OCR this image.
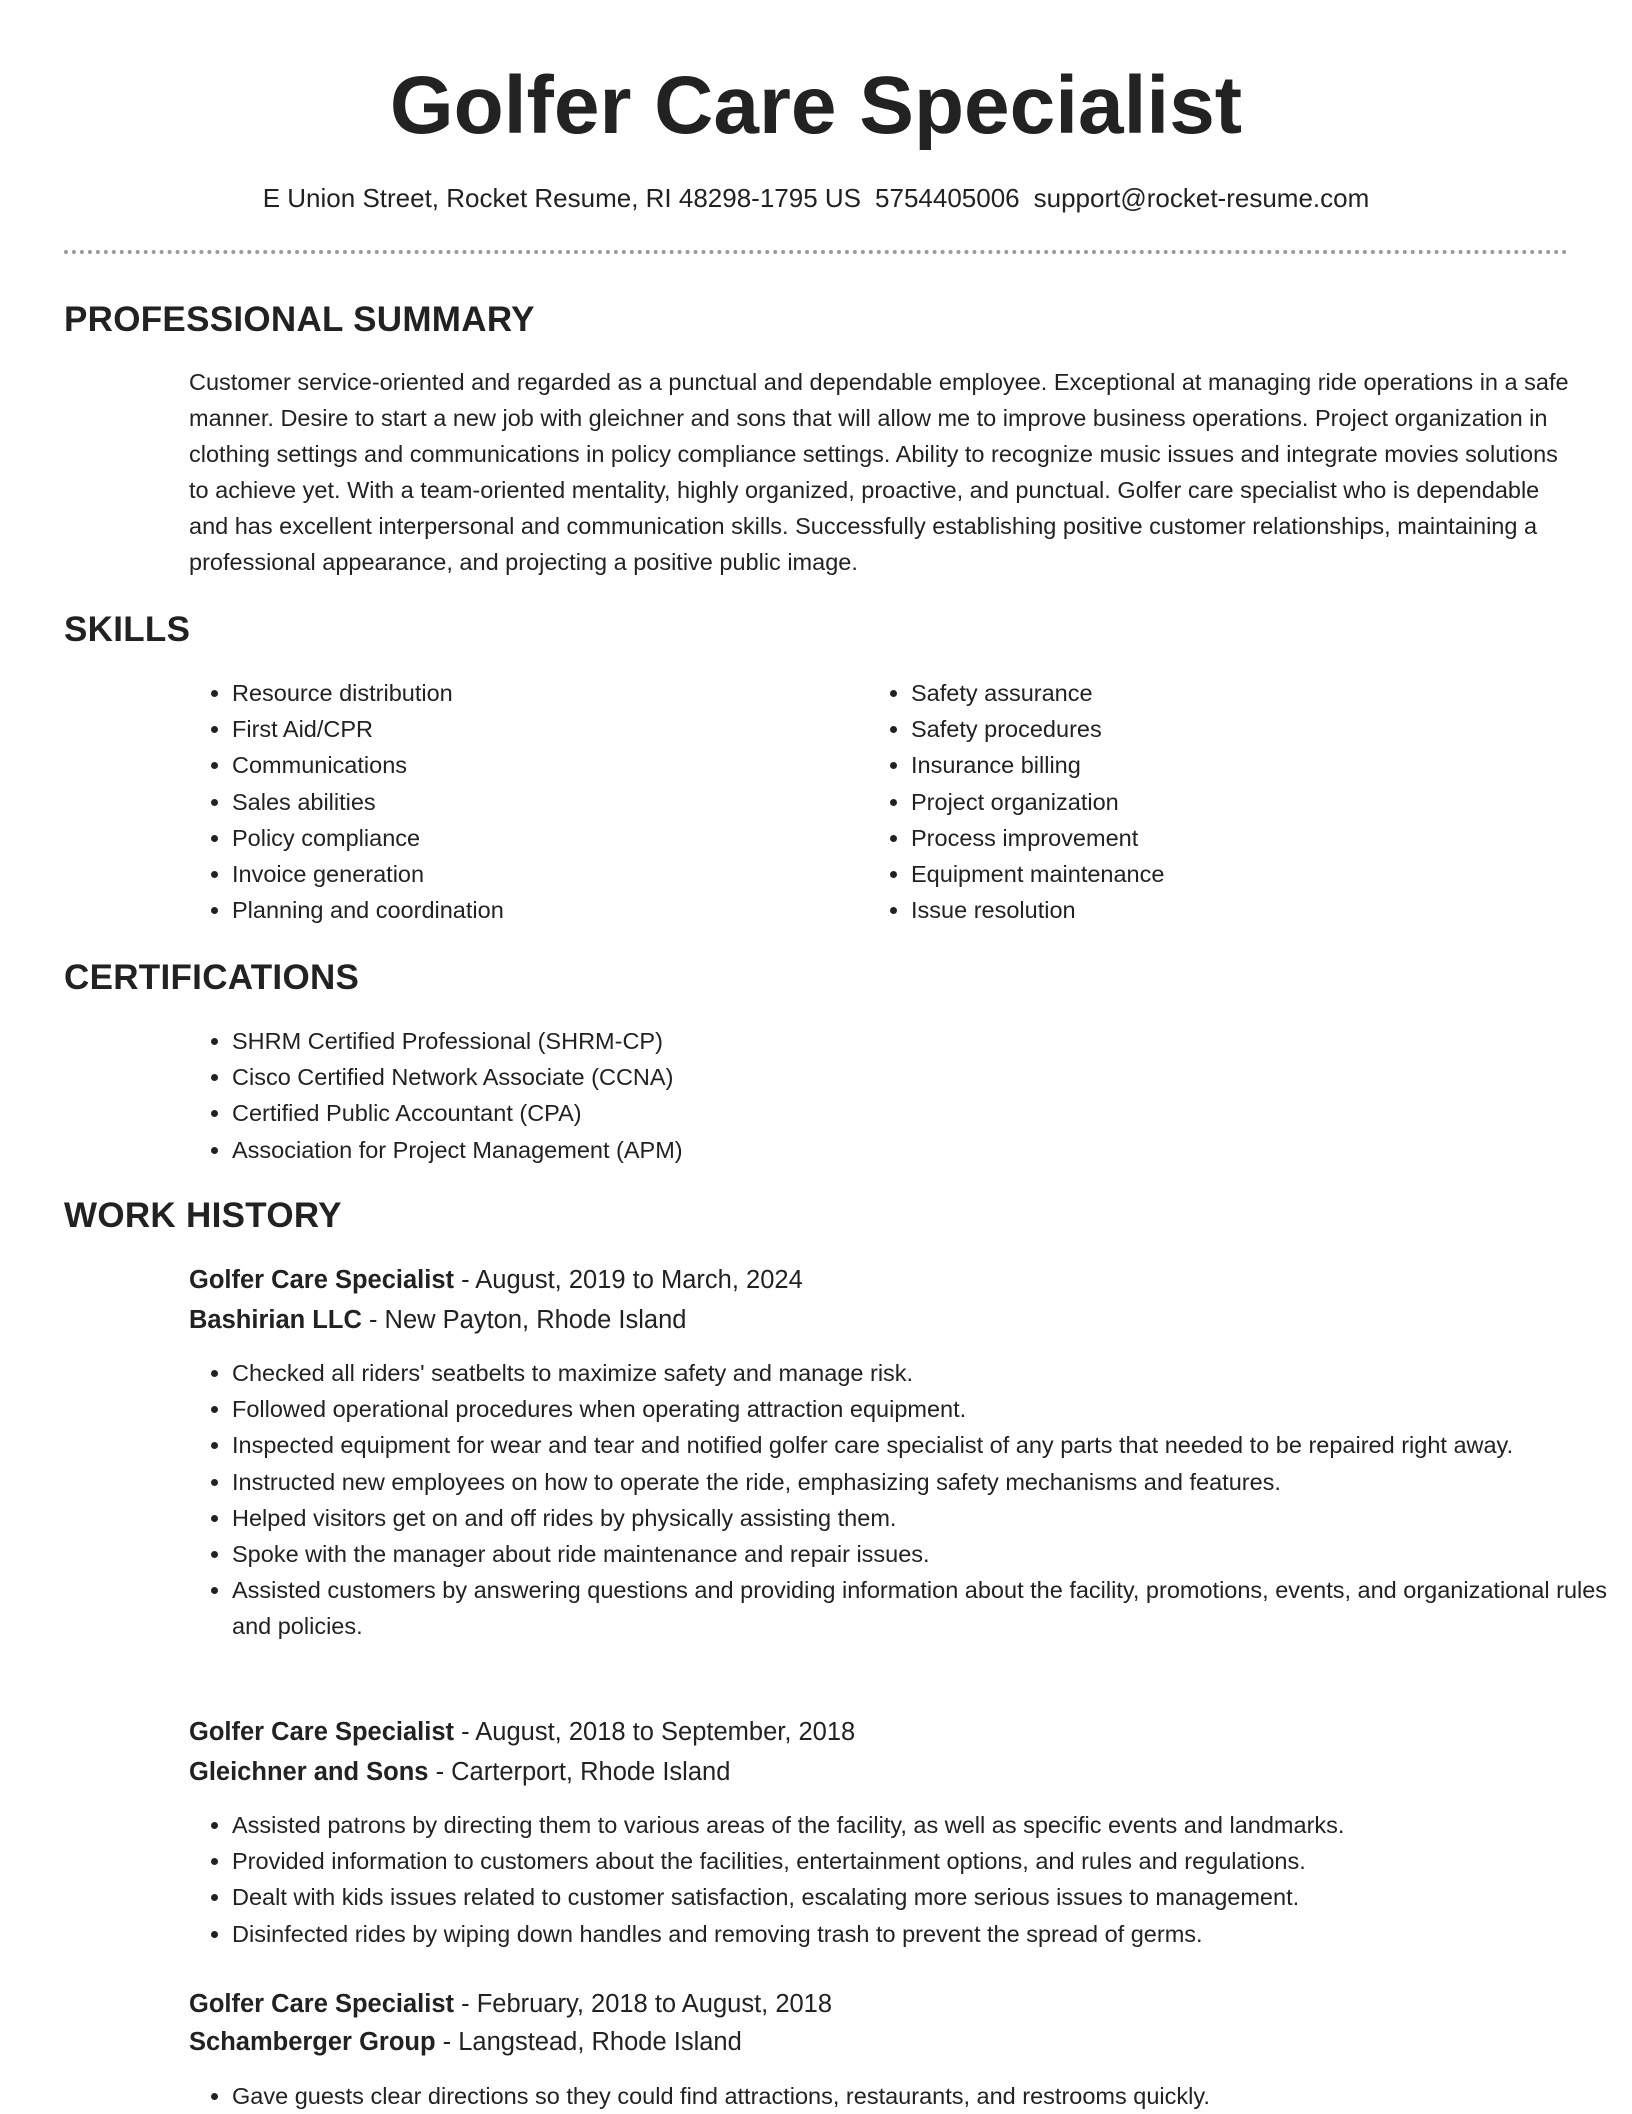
Golfer Care Specialist
E Union Street, Rocket Resume, RI 48298-1795 US 5754405006 support@rocket-resume.com
PROFESSIONAL SUMMARY

Customer service-oriented and regarded as a punctual and dependable employee. Exceptional at managing ride operations in a safe manner. Desire to start a new job with gleichner and sons that will allow me to improve business operations. Project organization in clothing settings and communications in policy compliance settings. Ability to recognize music issues and integrate movies solutions to achieve yet. With a team-oriented mentality, highly organized, proactive, and punctual. Golfer care specialist who is dependable and has excellent interpersonal and communication skills. Successfully establishing positive customer relationships, maintaining a professional appearance, and projecting a positive public image.

SKILLS
• Resource distribution
• First Aid/CPR
• Communications
• Sales abilities
• Policy compliance
• Invoice generation
• Planning and coordination
• Safety assurance
• Safety procedures
• Insurance billing
• Project organization
• Process improvement
• Equipment maintenance
• Issue resolution
CERTIFICATIONS
• SHRM Certified Professional (SHRM-CP)
• Cisco Certified Network Associate (CCNA)
• Certified Public Accountant (CPA)
• Association for Project Management (APM)
WORK HISTORY
Golfer Care Specialist - August, 2019 to March, 2024
Bashirian LLC - New Payton, Rhode Island
• Checked all riders' seatbelts to maximize safety and manage risk.
• Followed operational procedures when operating attraction equipment.
• Inspected equipment for wear and tear and notified golfer care specialist of any parts that needed to be repaired right away.
• Instructed new employees on how to operate the ride, emphasizing safety mechanisms and features.
• Helped visitors get on and off rides by physically assisting them.
• Spoke with the manager about ride maintenance and repair issues.
• Assisted customers by answering questions and providing information about the facility, promotions, events, and organizational rules and policies.
Golfer Care Specialist - August, 2018 to September, 2018
Gleichner and Sons - Carterport, Rhode Island
• Assisted patrons by directing them to various areas of the facility, as well as specific events and landmarks.
• Provided information to customers about the facilities, entertainment options, and rules and regulations.
• Dealt with kids issues related to customer satisfaction, escalating more serious issues to management.
• Disinfected rides by wiping down handles and removing trash to prevent the spread of germs.
Golfer Care Specialist - February, 2018 to August, 2018
Schamberger Group - Langstead, Rhode Island
• Gave guests clear directions so they could find attractions, restaurants, and restrooms quickly.
